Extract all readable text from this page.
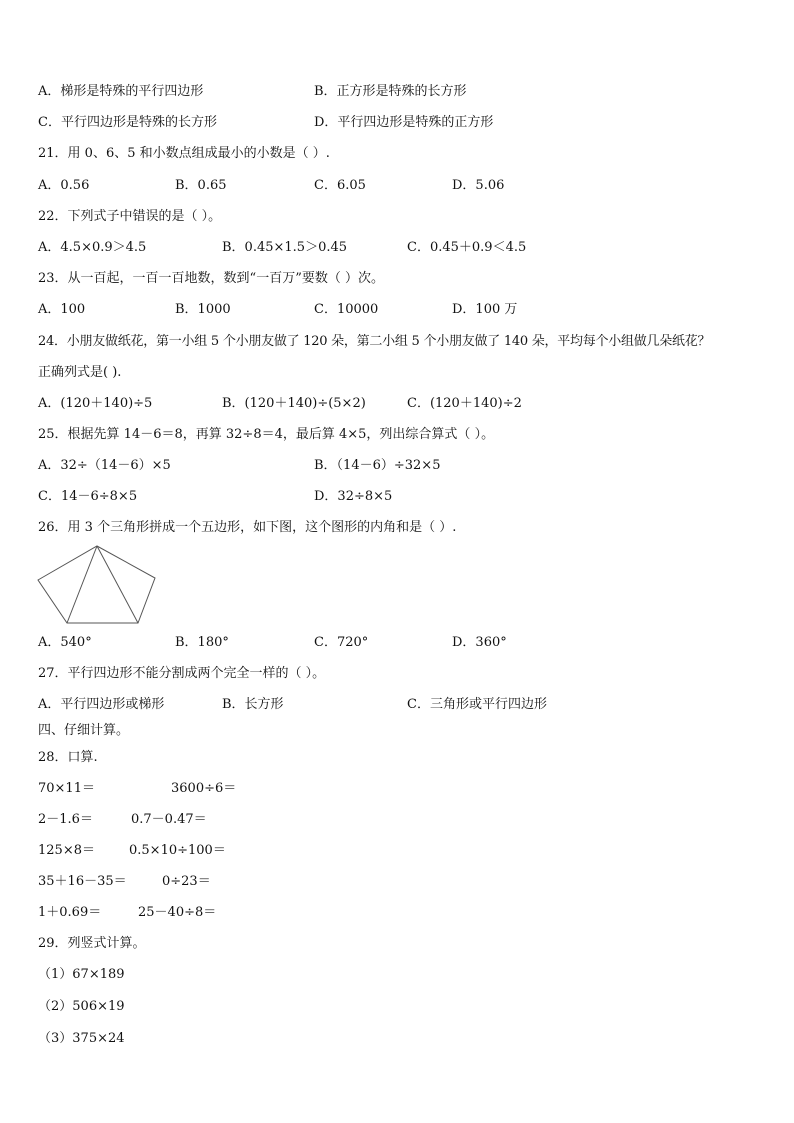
A．梯形是特殊的平行四边形	B．正方形是特殊的长方形
C．平行四边形是特殊的长方形	D．平行四边形是特殊的正方形
21．用 0、6、5 和小数点组成最小的小数是（ ）.
A．0.56	B．0.65	C．6.05	D．5.06
22．下列式子中错误的是（ ）。
A．4.5×0.9＞4.5	B．0.45×1.5＞0.45	C．0.45＋0.9＜4.5
23．从一百起，一百一百地数，数到“一百万”要数（ ）次。
A．100	B．1000	C．10000	D．100 万
24．小朋友做纸花，第一小组 5 个小朋友做了 120 朵，第二小组 5 个小朋友做了 140 朵，平均每个小组做几朵纸花？
正确列式是( ).
A．(120＋140)÷5	B．(120＋140)÷(5×2)	C．(120＋140)÷2
25．根据先算 14－6＝8，再算 32÷8＝4，最后算 4×5，列出综合算式（ ）。
A．32÷（14－6）×5	B．（14－6）÷32×5
C．14－6÷8×5	D．32÷8×5
26．用 3 个三角形拼成一个五边形，如下图，这个图形的内角和是（ ）.
A．540°	B．180°	C．720°	D．360°
27．平行四边形不能分割成两个完全一样的（ ）。
A．平行四边形或梯形	B．长方形	C．三角形或平行四边形
四、仔细计算。
28．口算.
70×11＝	3600÷6＝
2－1.6＝	0.7－0.47＝
125×8＝	0.5×10÷100＝
35＋16－35＝	0÷23＝
1＋0.69＝	25－40÷8＝
29．列竖式计算。
（1）67×189
（2）506×19
（3）375×24
